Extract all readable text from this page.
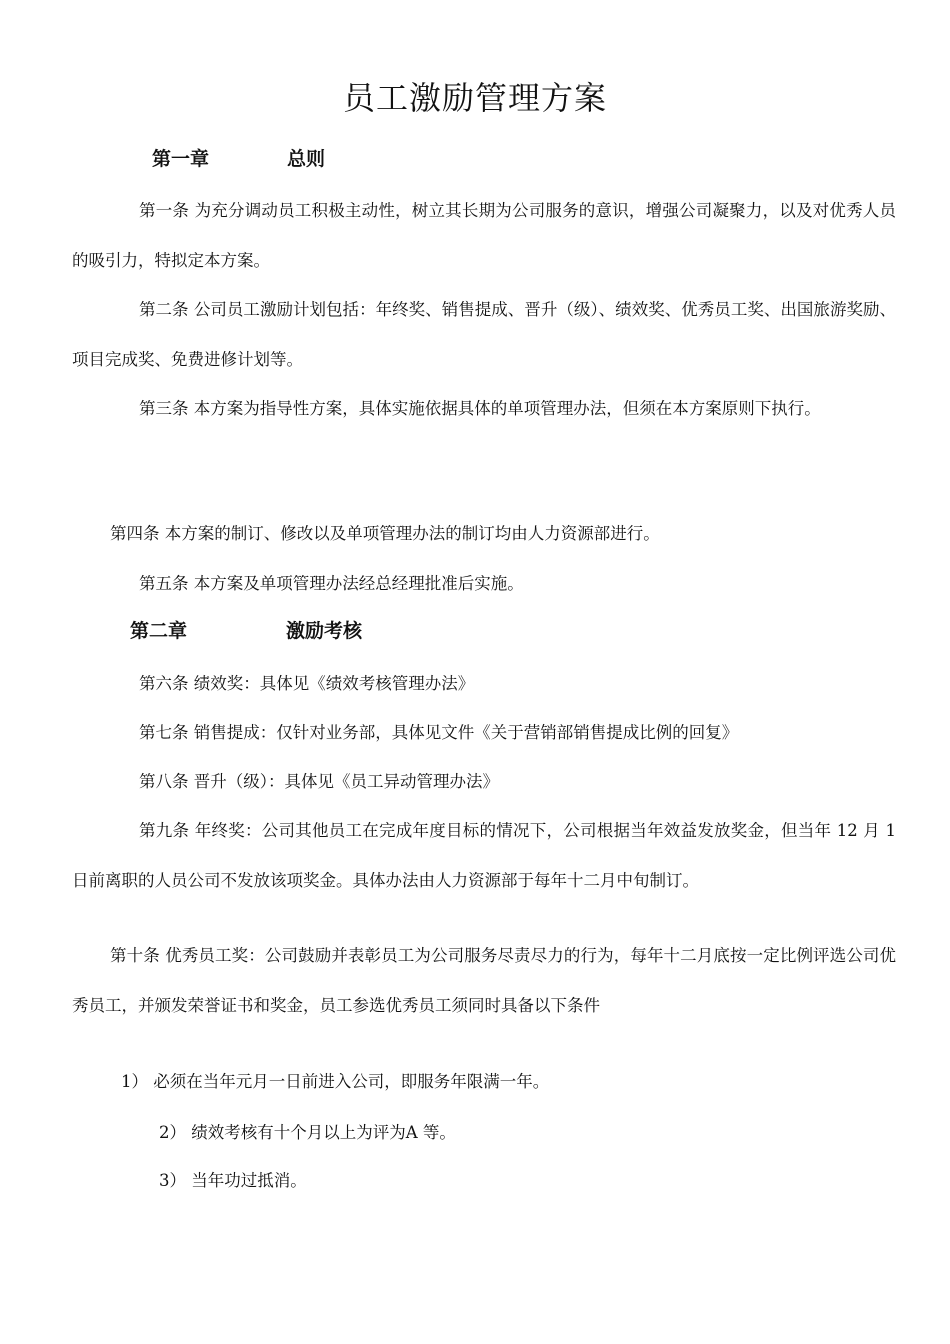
员工激励管理方案
第一章	总则
第一条 为充分调动员工积极主动性，树立其长期为公司服务的意识，增强公司凝聚力，以及对优秀人员的吸引力，特拟定本方案。
第二条 公司员工激励计划包括：年终奖、销售提成、晋升（级）、绩效奖、优秀员工奖、出国旅游奖励、项目完成奖、免费进修计划等。
第三条 本方案为指导性方案，具体实施依据具体的单项管理办法，但须在本方案原则下执行。
第四条 本方案的制订、修改以及单项管理办法的制订均由人力资源部进行。
第五条 本方案及单项管理办法经总经理批准后实施。
第二章	激励考核
第六条 绩效奖：具体见《绩效考核管理办法》
第七条 销售提成：仅针对业务部，具体见文件《关于营销部销售提成比例的回复》
第八条 晋升（级）：具体见《员工异动管理办法》
第九条 年终奖：公司其他员工在完成年度目标的情况下，公司根据当年效益发放奖金，但当年 12 月 1 日前离职的人员公司不发放该项奖金。具体办法由人力资源部于每年十二月中旬制订。
第十条 优秀员工奖：公司鼓励并表彰员工为公司服务尽责尽力的行为，每年十二月底按一定比例评选公司优秀员工，并颁发荣誉证书和奖金，员工参选优秀员工须同时具备以下条件
1） 必须在当年元月一日前进入公司，即服务年限满一年。
2） 绩效考核有十个月以上为评为A 等。
3） 当年功过抵消。
